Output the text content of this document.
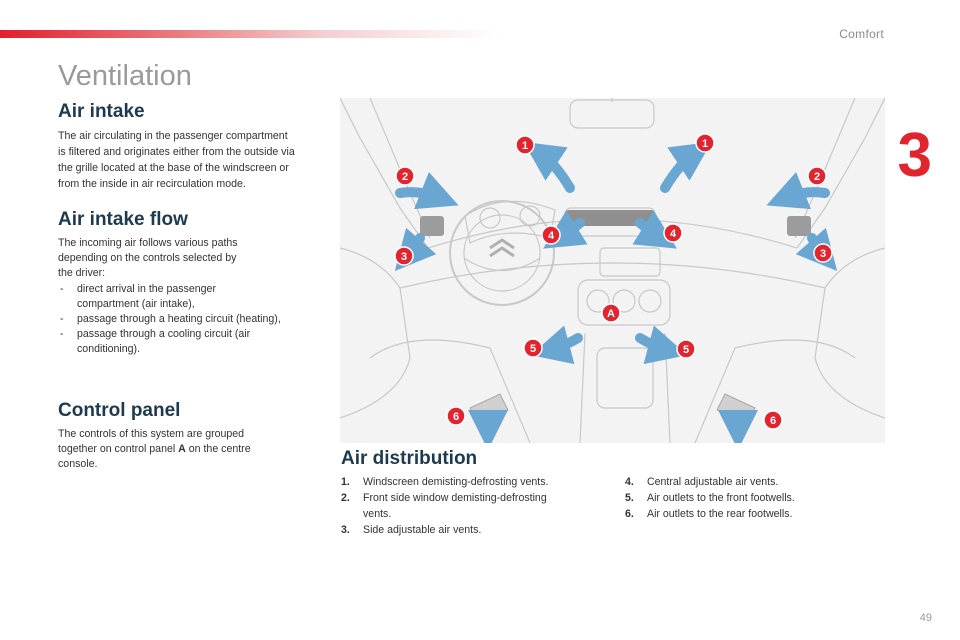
Comfort
3
Ventilation
Air intake

The air circulating in the passenger compartment
is filtered and originates either from the outside via
the grille located at the base of the windscreen or
from the inside in air recirculation mode.

Air intake flow

The incoming air follows various paths
depending on the controls selected by
the driver:

- direct arrival in the passenger
compartment (air intake),
- passage through a heating circuit (heating),
- passage through a cooling circuit (air
conditioning).
Control panel

The controls of this system are grouped
together on control panel A on the centre
console.

1	1
2	2
3	3
4	4
5	5
6	6
A
Air distribution
1.	Windscreen demisting-defrosting vents.
2.	Front side window demisting-defrosting
vents.
3.	Side adjustable air vents.
4.	Central adjustable air vents.
5.	Air outlets to the front footwells.
6.	Air outlets to the rear footwells.
49
